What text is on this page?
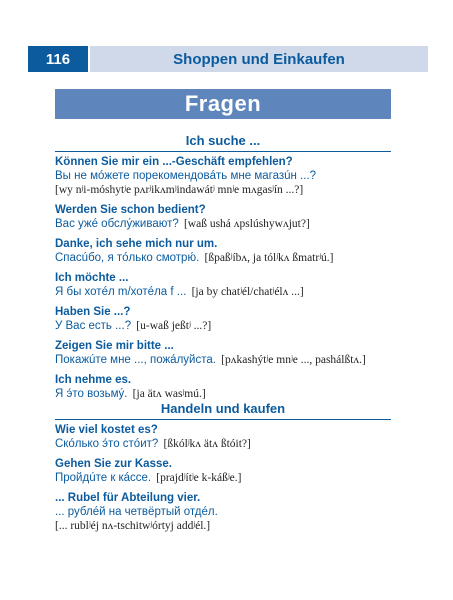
116	Shoppen und Einkaufen
Fragen
Ich suche ...
Können Sie mir ein ...-Geschäft empfehlen?
Вы не мóжете порекомендовáть мне магазúн ...?
[wy nʲi-móshytʲe pʌrʲikʌmʲindawátʲ mnʲe mʌgasʲín ...?]
Werden Sie schon bedient?
Вас ужé обслýживают? [waß ushá ʌpslúshywʌjut?]
Danke, ich sehe mich nur um.
Спасúбо, я тóлько смотрю́. [ßpaßʲíbʌ, ja tólʲkʌ ßmatrʲú.]
Ich möchte ...
Я бы хотéл m/хотéла f ... [ja by chatʲél/chatʲélʌ ...]
Haben Sie ...?
У Вас есть ...? [u-waß jeßtʲ ...?]
Zeigen Sie mir bitte ...
Покажúте мне ..., пожáлуйста. [pʌkashýtʲe mnʲe ..., pashálßtʌ.]
Ich nehme es.
Я э́то возьмý. [ja ätʌ wasʲmú.]
Handeln und kaufen
Wie viel kostet es?
Скóлько э́то стóит? [ßkólʲkʌ ätʌ ßtóit?]
Gehen Sie zur Kasse.
Пройдúте к кáссе. [prajdʲítʲe k-káßʲe.]
... Rubel für Abteilung vier.
... рублéй на четвёртый отдéл.
[... rublʲéj nʌ-tschitwʲórtyj addʲél.]
